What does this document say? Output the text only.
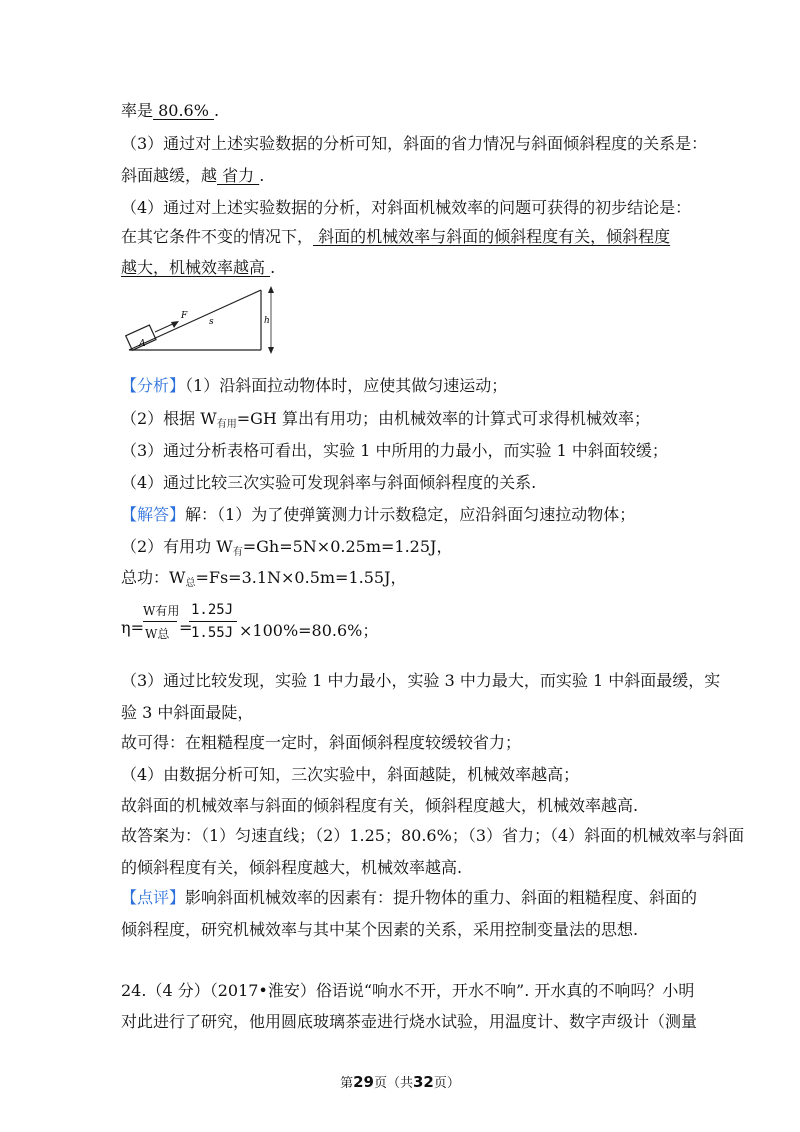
率是 80.6% .
（3）通过对上述实验数据的分析可知，斜面的省力情况与斜面倾斜程度的关系是：
斜面越缓，越 省力 .
（4）通过对上述实验数据的分析，对斜面机械效率的问题可获得的初步结论是：
在其它条件不变的情况下， 斜面的机械效率与斜面的倾斜程度有关，倾斜程度
越大，机械效率越高 .
A
F
s	h
【分析】（1）沿斜面拉动物体时，应使其做匀速运动；
（2）根据 $W_{有用}=GH$ 算出有用功；由机械效率的计算式可求得机械效率；
（3）通过分析表格可看出，实验 1 中所用的力最小，而实验 1 中斜面较缓；
（4）通过比较三次实验可发现斜率与斜面倾斜程度的关系.
【解答】解：（1）为了使弹簧测力计示数稳定，应沿斜面匀速拉动物体；
（2）有用功 $W_有=Gh=5N\times 0.25m=1.25J$，
总功：$W_总=Fs=3.1N\times 0.5m=1.55J$，
η=
W有用
W总 =
1.25J
1.55J ×100%=80.6%；
（3）通过比较发现，实验 1 中力最小，实验 3 中力最大，而实验 1 中斜面最缓，实
验 3 中斜面最陡，
故可得：在粗糙程度一定时，斜面倾斜程度较缓较省力；
（4）由数据分析可知，三次实验中，斜面越陡，机械效率越高；
故斜面的机械效率与斜面的倾斜程度有关，倾斜程度越大，机械效率越高.
故答案为：（1）匀速直线；（2）1.25；80.6%；（3）省力；（4）斜面的机械效率与斜面
的倾斜程度有关，倾斜程度越大，机械效率越高.
【点评】影响斜面机械效率的因素有：提升物体的重力、斜面的粗糙程度、斜面的
倾斜程度，研究机械效率与其中某个因素的关系，采用控制变量法的思想.
24.（4 分）（2017•淮安）俗语说“响水不开，开水不响”. 开水真的不响吗？小明
对此进行了研究，他用圆底玻璃茶壶进行烧水试验，用温度计、数字声级计（测量
第29页（共32页）
